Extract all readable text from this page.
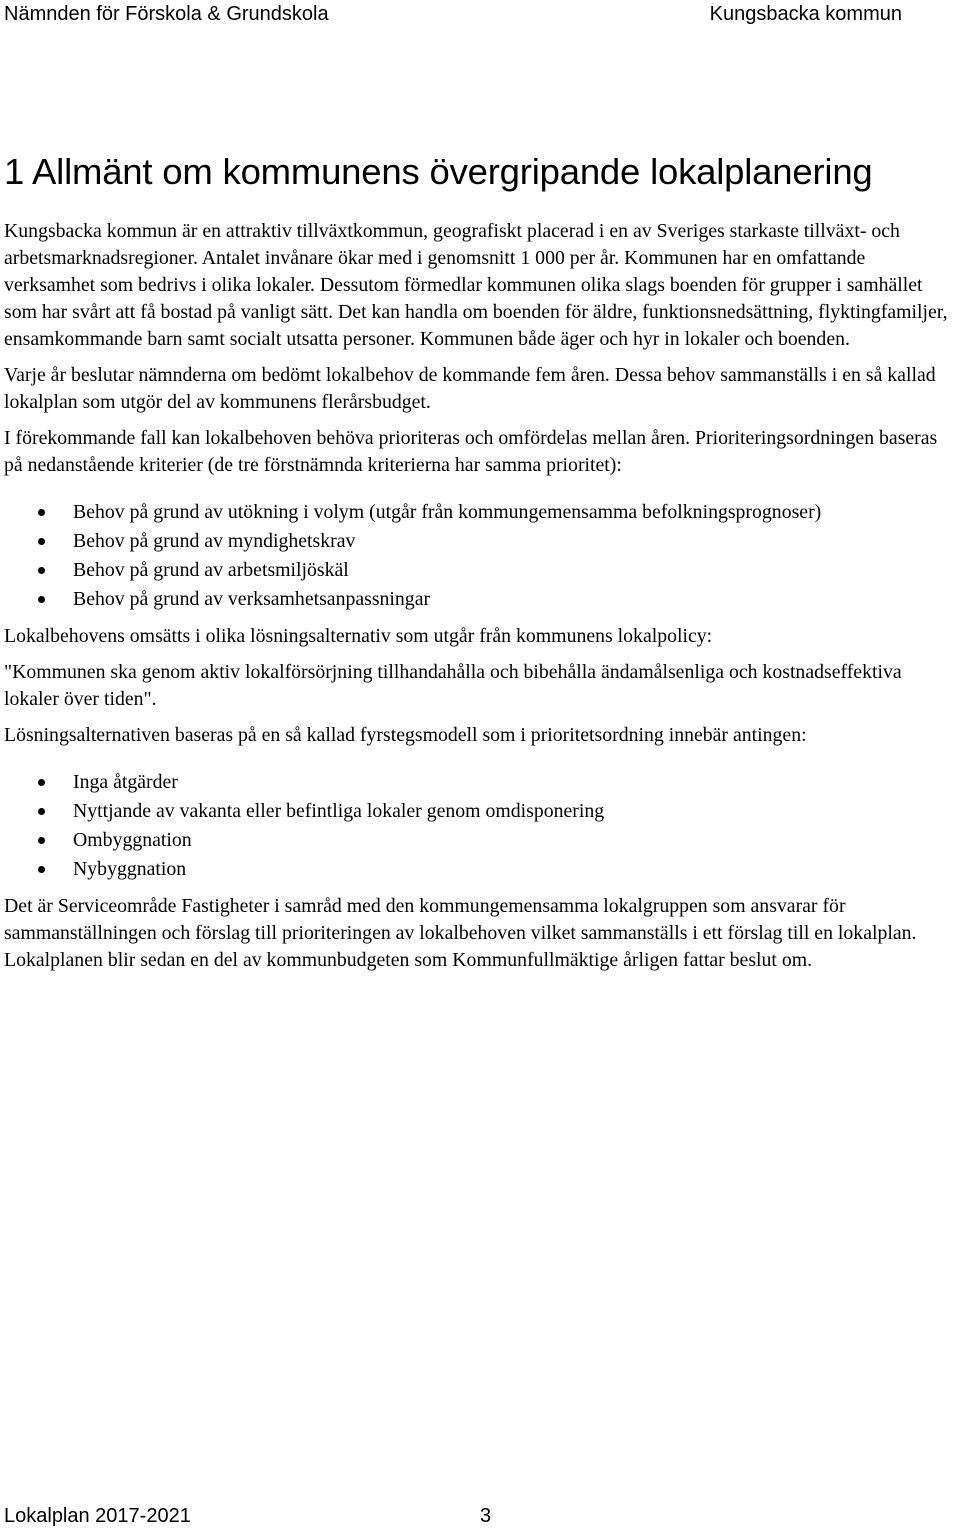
Nämnden för Förskola & Grundskola	Kungsbacka kommun
1 Allmänt om kommunens övergripande lokalplanering

Kungsbacka kommun är en attraktiv tillväxtkommun, geografiskt placerad i en av Sveriges starkaste tillväxt- och arbetsmarknadsregioner. Antalet invånare ökar med i genomsnitt 1 000 per år. Kommunen har en omfattande verksamhet som bedrivs i olika lokaler. Dessutom förmedlar kommunen olika slags boenden för grupper i samhället som har svårt att få bostad på vanligt sätt. Det kan handla om boenden för äldre, funktionsnedsättning, flyktingfamiljer, ensamkommande barn samt socialt utsatta personer. Kommunen både äger och hyr in lokaler och boenden.

Varje år beslutar nämnderna om bedömt lokalbehov de kommande fem åren. Dessa behov sammanställs i en så kallad lokalplan som utgör del av kommunens flerårsbudget.

I förekommande fall kan lokalbehoven behöva prioriteras och omfördelas mellan åren. Prioriteringsordningen baseras på nedanstående kriterier (de tre förstnämnda kriterierna har samma prioritet):

Behov på grund av utökning i volym (utgår från kommungemensamma befolkningsprognoser)
Behov på grund av myndighetskrav
Behov på grund av arbetsmiljöskäl
Behov på grund av verksamhetsanpassningar

Lokalbehovens omsätts i olika lösningsalternativ som utgår från kommunens lokalpolicy:

"Kommunen ska genom aktiv lokalförsörjning tillhandahålla och bibehålla ändamålsenliga och kostnadseffektiva lokaler över tiden".

Lösningsalternativen baseras på en så kallad fyrstegsmodell som i prioritetsordning innebär antingen:

Inga åtgärder
Nyttjande av vakanta eller befintliga lokaler genom omdisponering
Ombyggnation
Nybyggnation

Det är Serviceområde Fastigheter i samråd med den kommungemensamma lokalgruppen som ansvarar för sammanställningen och förslag till prioriteringen av lokalbehoven vilket sammanställs i ett förslag till en lokalplan. Lokalplanen blir sedan en del av kommunbudgeten som Kommunfullmäktige årligen fattar beslut om.

Lokalplan 2017-2021	3
